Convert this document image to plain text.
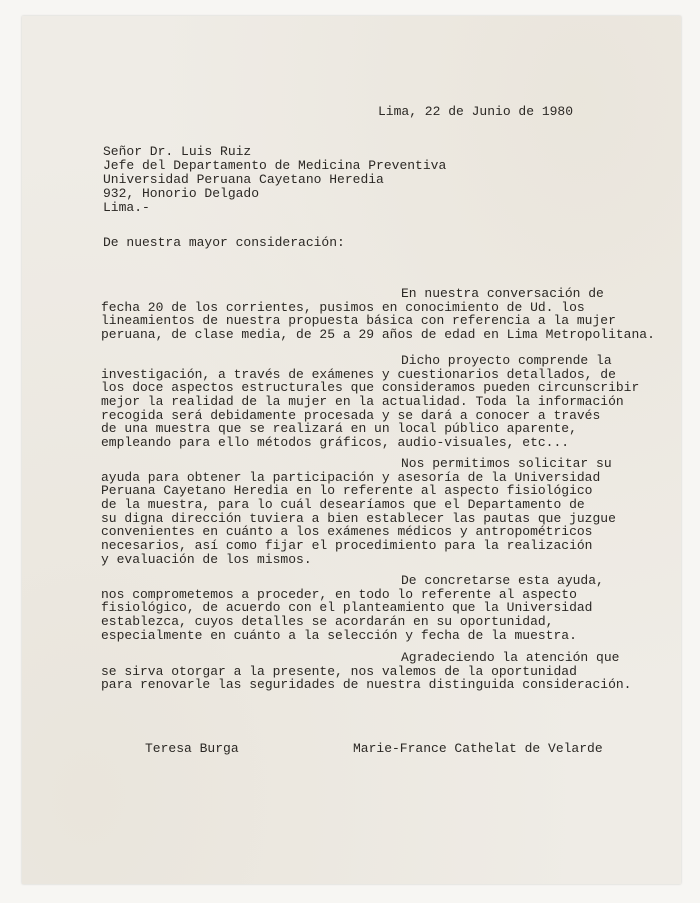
Lima, 22 de Junio de 1980

Señor Dr. Luis Ruiz

Jefe del Departamento de Medicina Preventiva

Universidad Peruana Cayetano Heredia

932, Honorio Delgado

Lima.-

De nuestra mayor consideración:

En nuestra conversación de
fecha 20 de los corrientes, pusimos en conocimiento de Ud. los
lineamientos de nuestra propuesta básica con referencia a la mujer
peruana, de clase media, de 25 a 29 años de edad en Lima Metropolitana.
Dicho proyecto comprende la
investigación, a través de exámenes y cuestionarios detallados, de
los doce aspectos estructurales que consideramos pueden circunscribir
mejor la realidad de la mujer en la actualidad. Toda la información
recogida será debidamente procesada y se dará a conocer a través
de una muestra que se realizará en un local público aparente,
empleando para ello métodos gráficos, audio-visuales, etc...
Nos permitimos solicitar su
ayuda para obtener la participación y asesoría de la Universidad
Peruana Cayetano Heredia en lo referente al aspecto fisiológico
de la muestra, para lo cuál desearíamos que el Departamento de
su digna dirección tuviera a bien establecer las pautas que juzgue
convenientes en cuánto a los exámenes médicos y antropométricos
necesarios, así como fijar el procedimiento para la realización
y evaluación de los mismos.
De concretarse esta ayuda,
nos comprometemos a proceder, en todo lo referente al aspecto
fisiológico, de acuerdo con el planteamiento que la Universidad
establezca, cuyos detalles se acordarán en su oportunidad,
especialmente en cuánto a la selección y fecha de la muestra.
Agradeciendo la atención que
se sirva otorgar a la presente, nos valemos de la oportunidad
para renovarle las seguridades de nuestra distinguida consideración.

Teresa Burga	Marie-France Cathelat de Velarde
